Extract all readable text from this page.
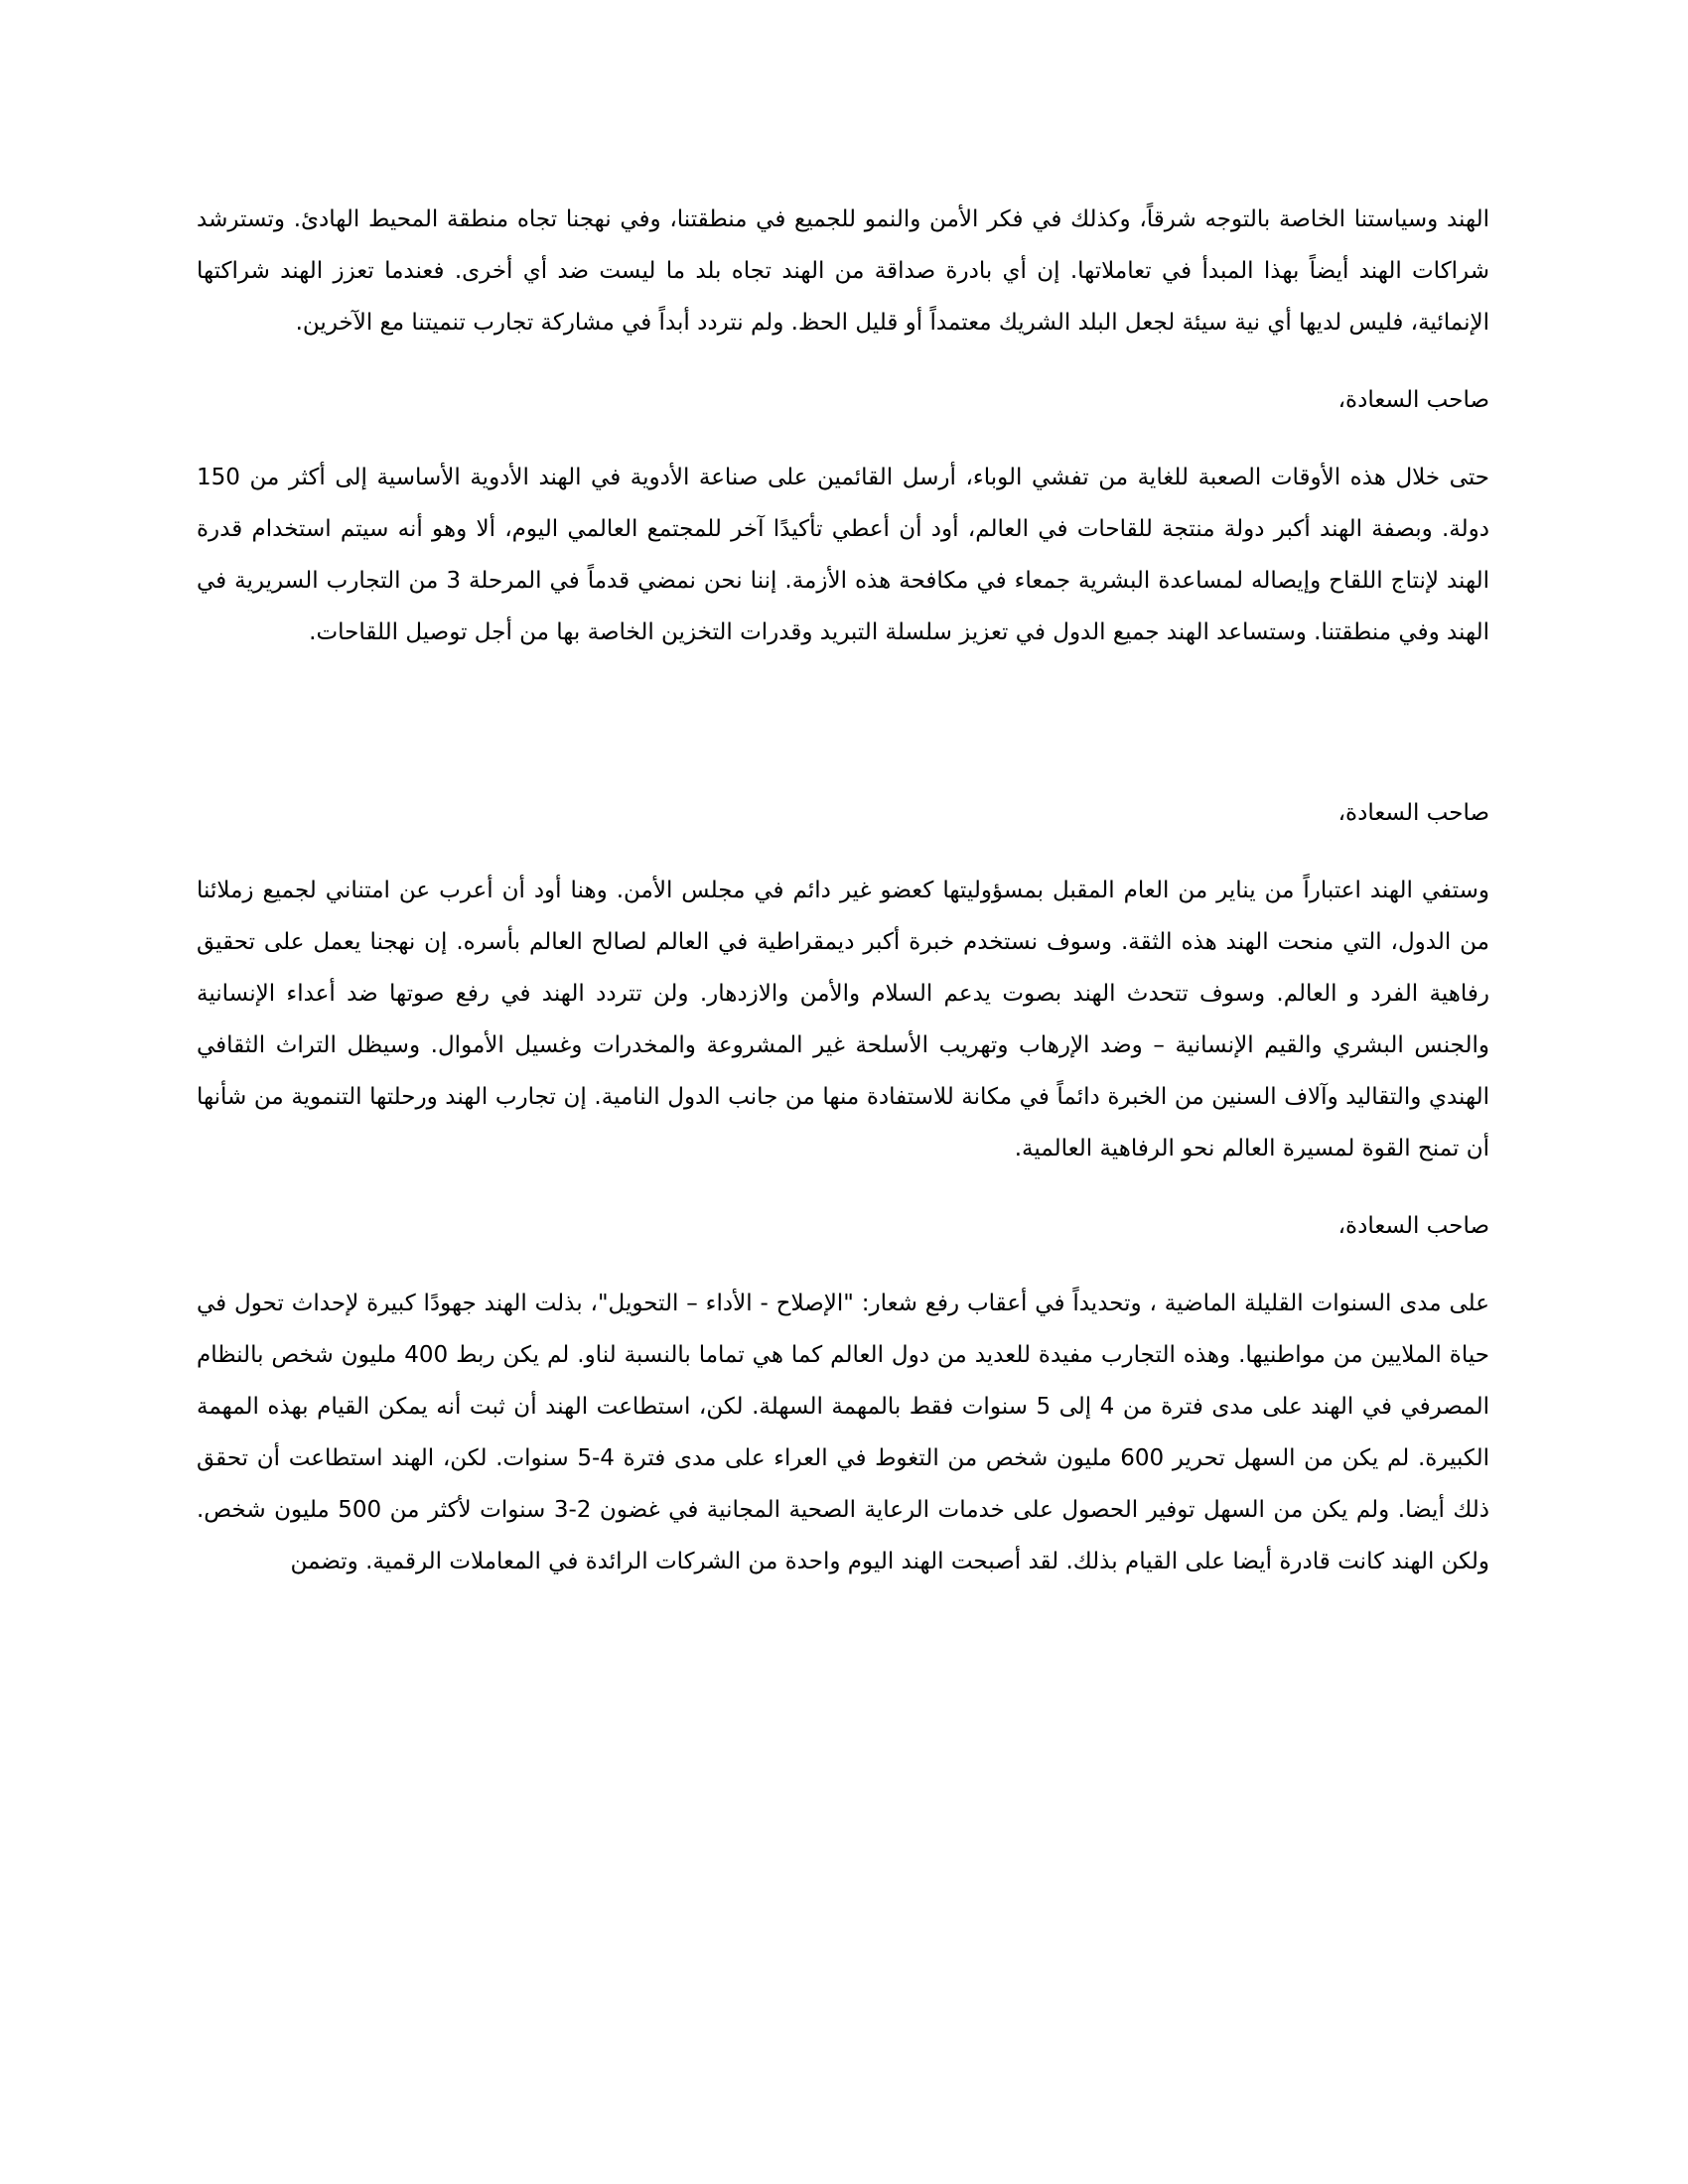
الهند وسياستنا الخاصة بالتوجه شرقاً، وكذلك في فكر الأمن والنمو للجميع في منطقتنا، وفي نهجنا تجاه منطقة المحيط الهادئ. وتسترشد شراكات الهند أيضاً بهذا المبدأ في تعاملاتها. إن أي بادرة صداقة من الهند تجاه بلد ما ليست ضد أي أخرى. فعندما تعزز الهند شراكتها الإنمائية، فليس لديها أي نية سيئة لجعل البلد الشريك معتمداً أو قليل الحظ. ولم نتردد أبداً في مشاركة تجارب تنميتنا مع الآخرين.

صاحب السعادة،

حتى خلال هذه الأوقات الصعبة للغاية من تفشي الوباء، أرسل القائمين على صناعة الأدوية في الهند الأدوية الأساسية إلى أكثر من 150 دولة. وبصفة الهند أكبر دولة منتجة للقاحات في العالم، أود أن أعطي تأكيدًا آخر للمجتمع العالمي اليوم، ألا وهو أنه سيتم استخدام قدرة الهند لإنتاج اللقاح وإيصاله لمساعدة البشرية جمعاء في مكافحة هذه الأزمة. إننا نحن نمضي قدماً في المرحلة 3 من التجارب السريرية في الهند وفي منطقتنا. وستساعد الهند جميع الدول في تعزيز سلسلة التبريد وقدرات التخزين الخاصة بها من أجل توصيل اللقاحات.

صاحب السعادة،

وستفي الهند اعتباراً من يناير من العام المقبل بمسؤوليتها كعضو غير دائم في مجلس الأمن. وهنا أود أن أعرب عن امتناني لجميع زملائنا من الدول، التي منحت الهند هذه الثقة. وسوف نستخدم خبرة أكبر ديمقراطية في العالم لصالح العالم بأسره. إن نهجنا يعمل على تحقيق رفاهية الفرد و العالم. وسوف تتحدث الهند بصوت يدعم السلام والأمن والازدهار. ولن تتردد الهند في رفع صوتها ضد أعداء الإنسانية والجنس البشري والقيم الإنسانية – وضد الإرهاب وتهريب الأسلحة غير المشروعة والمخدرات وغسيل الأموال. وسيظل التراث الثقافي الهندي والتقاليد وآلاف السنين من الخبرة دائماً في مكانة للاستفادة منها من جانب الدول النامية. إن تجارب الهند ورحلتها التنموية من شأنها أن تمنح القوة لمسيرة العالم نحو الرفاهية العالمية.

صاحب السعادة،

على مدى السنوات القليلة الماضية ، وتحديداً في أعقاب رفع شعار: "الإصلاح - الأداء – التحويل"، بذلت الهند جهودًا كبيرة لإحداث تحول في حياة الملايين من مواطنيها. وهذه التجارب مفيدة للعديد من دول العالم كما هي تماما بالنسبة لناو. لم يكن ربط 400 مليون شخص بالنظام المصرفي في الهند على مدى فترة من 4 إلى 5 سنوات فقط بالمهمة السهلة. لكن، استطاعت الهند أن ثبت أنه يمكن القيام بهذه المهمة الكبيرة. لم يكن من السهل تحرير 600 مليون شخص من التغوط في العراء على مدى فترة 4-5 سنوات. لكن، الهند استطاعت أن تحقق ذلك أيضا. ولم يكن من السهل توفير الحصول على خدمات الرعاية الصحية المجانية في غضون 2-3 سنوات لأكثر من 500 مليون شخص. ولكن الهند كانت قادرة أيضا على القيام بذلك. لقد أصبحت الهند اليوم واحدة من الشركات الرائدة في المعاملات الرقمية. وتضمن
